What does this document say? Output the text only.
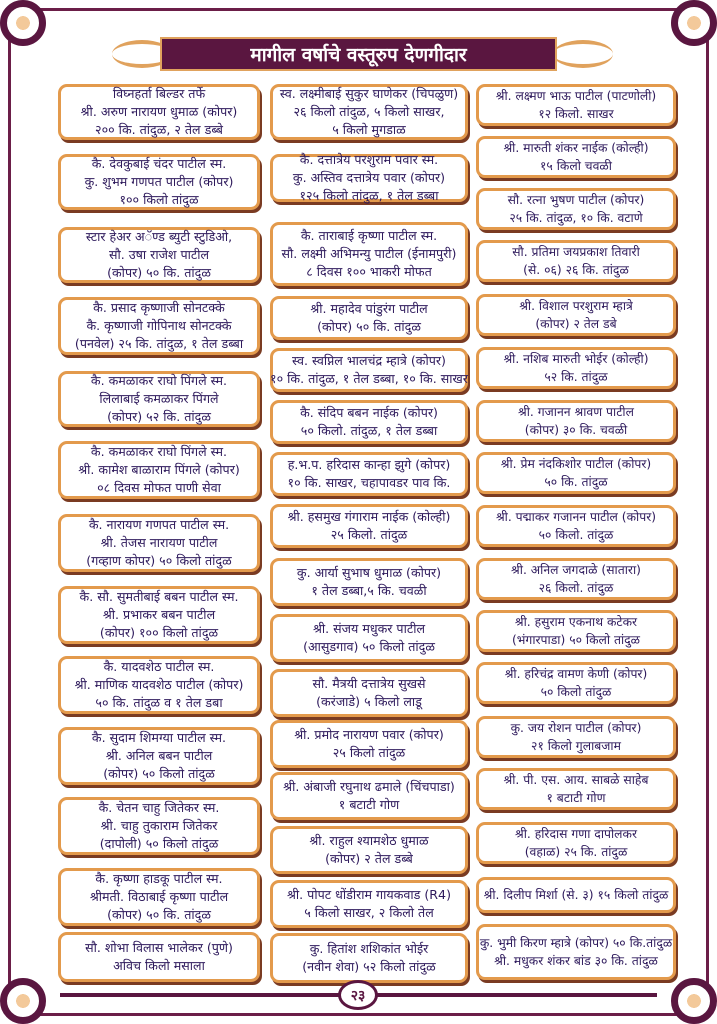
मागील वर्षाचे वस्तूरुप देणगीदार
विघ्नहर्ता बिल्डर तर्फे
श्री. अरुण नारायण धुमाळ (कोपर)
२०० कि. तांदुळ, २ तेल डब्बे
कै. देवकुबाई चंदर पाटील स्म.
कु. शुभम गणपत पाटील (कोपर)
१०० किलो तांदुळ
स्टार हेअर अॅण्ड ब्युटी स्टुडिओ,
सौ. उषा राजेश पाटील
(कोपर) ५० कि. तांदुळ
कै. प्रसाद कृष्णाजी सोनटक्के
कै. कृष्णाजी गोपिनाथ सोनटक्के
(पनवेल) २५ कि. तांदुळ, १ तेल डब्बा
कै. कमळाकर राघो पिंगले स्म.
लिलाबाई कमळाकर पिंगले
(कोपर) ५२ कि. तांदुळ
कै. कमळाकर राघो पिंगले स्म.
श्री. कामेश बाळाराम पिंगले (कोपर)
०८ दिवस मोफत पाणी सेवा
कै. नारायण गणपत पाटील स्म.
श्री. तेजस नारायण पाटील
(गव्हाण कोपर) ५० किलो तांदुळ
कै. सौ. सुमतीबाई बबन पाटील स्म.
श्री. प्रभाकर बबन पाटील
(कोपर) १०० किलो तांदुळ
कै. यादवशेठ पाटील स्म.
श्री. माणिक यादवशेठ पाटील (कोपर)
५० कि. तांदुळ व १ तेल डबा
कै. सुदाम शिमग्या पाटील स्म.
श्री. अनिल बबन पाटील
(कोपर) ५० किलो तांदुळ
कै. चेतन चाहु जितेकर स्म.
श्री. चाहु तुकाराम जितेकर
(दापोली) ५० किलो तांदुळ
कै. कृष्णा हाडकू पाटील स्म.
श्रीमती. विठाबाई कृष्णा पाटील
(कोपर) ५० कि. तांदुळ
सौ. शोभा विलास भालेकर (पुणे)
अविच किलो मसाला
स्व. लक्ष्मीबाई सुकुर घाणेकर (चिपळुण)
२६ किलो तांदुळ, ५ किलो साखर,
५ किलो मुगडाळ
कै. दत्तात्रेय परशुराम पवार स्म.
कु. अस्तिव दत्तात्रेय पवार (कोपर)
१२५ किलो तांदुळ, १ तेल डब्बा
कै. ताराबाई कृष्णा पाटील स्म.
सौ. लक्ष्मी अभिमन्यु पाटील (ईनामपुरी)
८ दिवस १०० भाकरी मोफत
श्री. महादेव पांडुरंग पाटील
(कोपर) ५० कि. तांदुळ
स्व. स्वप्निल भालचंद्र म्हात्रे (कोपर)
१० कि. तांदुळ, १ तेल डब्बा, १० कि. साखर
कै. संदिप बबन नाईक (कोपर)
५० किलो. तांदुळ, १ तेल डब्बा
ह.भ.प. हरिदास कान्हा झुगे (कोपर)
१० कि. साखर, चहापावडर पाव कि.
श्री. हसमुख गंगाराम नाईक (कोल्ही)
२५ किलो. तांदुळ
कु. आर्या सुभाष धुमाळ (कोपर)
१ तेल डब्बा,५ कि. चवळी
श्री. संजय मधुकर पाटील
(आसुडगाव) ५० किलो तांदुळ
सौ. मैत्रयी दत्तात्रेय सुखसे
(करंजाडे) ५ किलो लाडू
श्री. प्रमोद नारायण पवार (कोपर)
२५ किलो तांदुळ
श्री. अंबाजी रघुनाथ ढमाले (चिंचपाडा)
१ बटाटी गोण
श्री. राहुल श्यामशेठ धुमाळ
(कोपर) २ तेल डब्बे
श्री. पोपट धोंडीराम गायकवाड (R4)
५ किलो साखर, २ किलो तेल
कु. हितांश शशिकांत भोईर
(नवीन शेवा) ५२ किलो तांदुळ
श्री. लक्ष्मण भाऊ पाटील (पाटणोली)
१२ किलो. साखर
श्री. मारुती शंकर नाईक (कोल्ही)
१५ किलो चवळी
सौ. रत्ना भुषण पाटील (कोपर)
२५ कि. तांदुळ, १० कि. वटाणे
सौ. प्रतिमा जयप्रकाश तिवारी
(से. ०६) २६ कि. तांदुळ
श्री. विशाल परशुराम म्हात्रे
(कोपर) २ तेल डबे
श्री. नशिब मारुती भोईर (कोल्ही)
५२ कि. तांदुळ
श्री. गजानन श्रावण पाटील
(कोपर) ३० कि. चवळी
श्री. प्रेम नंदकिशोर पाटील (कोपर)
५० कि. तांदुळ
श्री. पद्माकर गजानन पाटील (कोपर)
५० किलो. तांदुळ
श्री. अनिल जगदाळे (सातारा)
२६ किलो. तांदुळ
श्री. हसुराम एकनाथ कटेकर
(भंगारपाडा) ५० किलो तांदुळ
श्री. हरिचंद्र वामण केणी (कोपर)
५० किलो तांदुळ
कु. जय रोशन पाटील (कोपर)
२१ किलो गुलाबजाम
श्री. पी. एस. आय. साबळे साहेब
१ बटाटी गोण
श्री. हरिदास गणा दापोलकर
(वहाळ) २५ कि. तांदुळ
श्री. दिलीप मिर्शा (से. ३) १५ किलो तांदुळ
कु. भुमी किरण म्हात्रे (कोपर) ५० कि.तांदुळ
श्री. मधुकर शंकर बांड ३० कि. तांदुळ
२३
